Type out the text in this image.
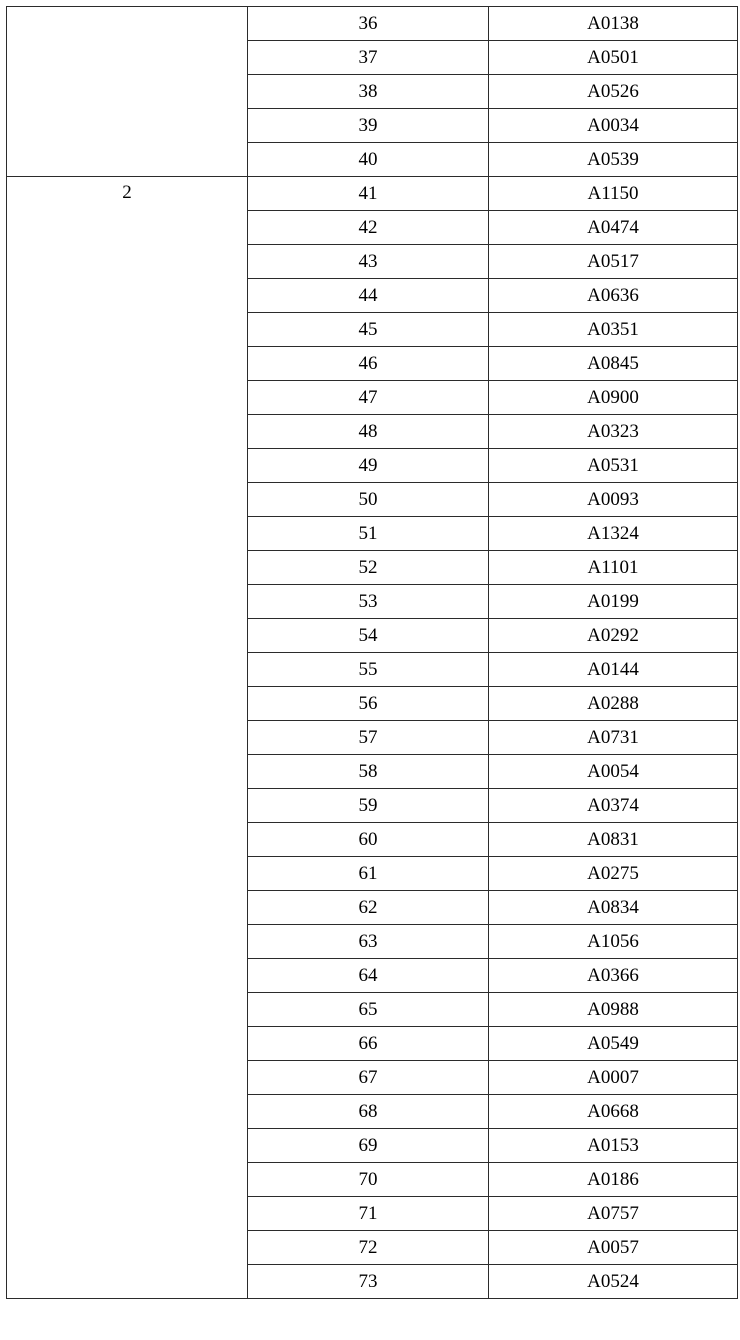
	36	A0138
	37	A0501
	38	A0526
	39	A0034
	40	A0539
2	41	A1150
	42	A0474
	43	A0517
	44	A0636
	45	A0351
	46	A0845
	47	A0900
	48	A0323
	49	A0531
	50	A0093
	51	A1324
	52	A1101
	53	A0199
	54	A0292
	55	A0144
	56	A0288
	57	A0731
	58	A0054
	59	A0374
	60	A0831
	61	A0275
	62	A0834
	63	A1056
	64	A0366
	65	A0988
	66	A0549
	67	A0007
	68	A0668
	69	A0153
	70	A0186
	71	A0757
	72	A0057
	73	A0524
